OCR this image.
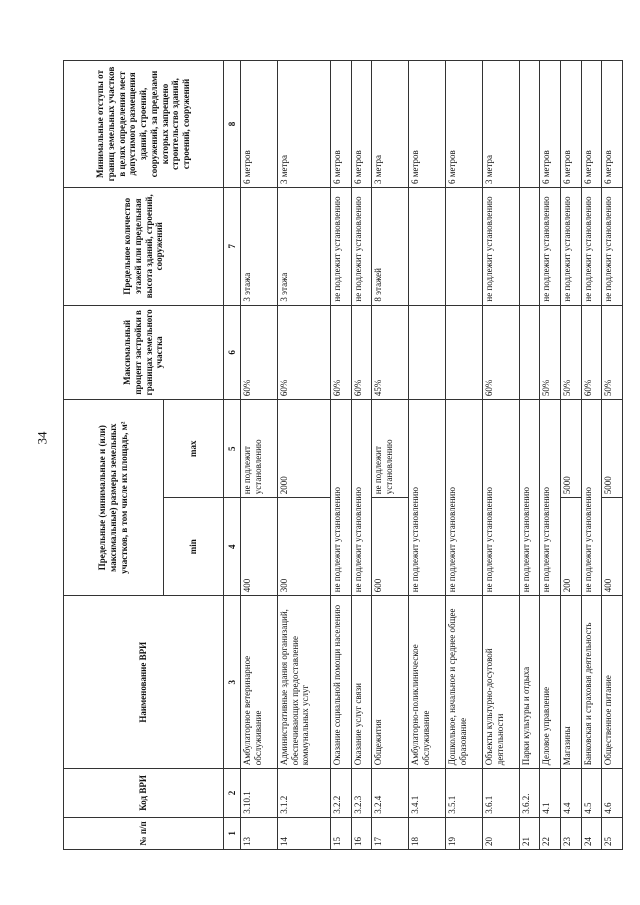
34
№ п/п	Код ВРИ	Наименование ВРИ	Предельные (минимальные и (или) максимальные) размеры земельных участков, в том числе их площадь, м²		Максимальный процент застройки в границах земельного участка	Предельное количество этажей или предельная высота зданий, строений, сооружений	Минимальные отступы от границ земельных участков в целях определения мест допустимого размещения зданий, строений, сооружений, за пределами которых запрещено строительство зданий, строений, сооружений
			min	max			
1	2	3	4	5	6	7	8
13	3.10.1	Амбулаторное ветеринарное обслуживание	400	не подлежит установлению	60%	3 этажа	6 метров
14	3.1.2	Административные здания организаций, обеспечивающих предоставление коммунальных услуг	300	2000	60%	3 этажа	3 метра
15	3.2.2	Оказание социальной помощи населению	не подлежит установлению		60%	не подлежит установлению	6 метров
16	3.2.3	Оказание услуг связи	не подлежит установлению		60%	не подлежит установлению	6 метров
17	3.2.4	Общежития	600	не подлежит установлению	45%	8 этажей	3 метра
18	3.4.1	Амбулаторно-поликлиническое обслуживание	не подлежит установлению				6 метров
19	3.5.1	Дошкольное, начальное и среднее общее образование	не подлежит установлению				6 метров
20	3.6.1	Объекты культурно-досуговой деятельности	не подлежит установлению		60%	не подлежит установлению	3 метра
21	3.6.2.	Парки культуры и отдыха	не подлежит установлению				
22	4.1	Деловое управление	не подлежит установлению		50%	не подлежит установлению	6 метров
23	4.4	Магазины	200	5000	50%	не подлежит установлению	6 метров
24	4.5	Банковская и страховая деятельность	не подлежит установлению		60%	не подлежит установлению	6 метров
25	4.6	Общественное питание	400	5000	50%	не подлежит установлению	6 метров
